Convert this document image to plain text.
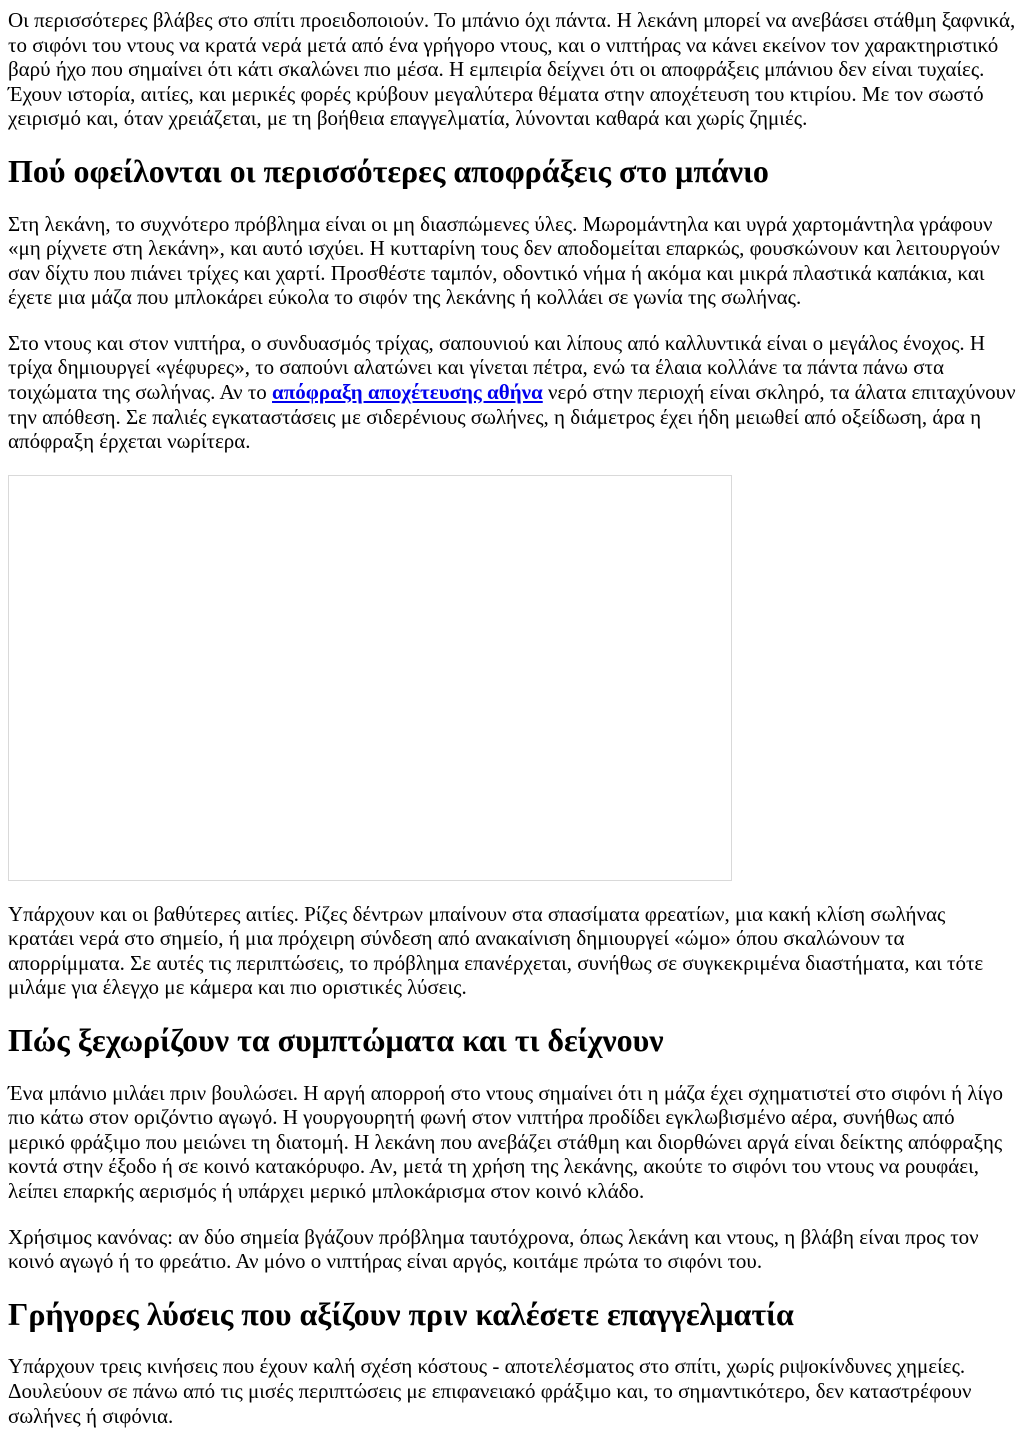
Οι περισσότερες βλάβες στο σπίτι προειδοποιούν. Το μπάνιο όχι πάντα. Η λεκάνη μπορεί να ανεβάσει στάθμη ξαφνικά, το σιφόνι του ντους να κρατά νερά μετά από ένα γρήγορο ντους, και ο νιπτήρας να κάνει εκείνον τον χαρακτηριστικό βαρύ ήχο που σημαίνει ότι κάτι σκαλώνει πιο μέσα. Η εμπειρία δείχνει ότι οι αποφράξεις μπάνιου δεν είναι τυχαίες. Έχουν ιστορία, αιτίες, και μερικές φορές κρύβουν μεγαλύτερα θέματα στην αποχέτευση του κτιρίου. Με τον σωστό χειρισμό και, όταν χρειάζεται, με τη βοήθεια επαγγελματία, λύνονται καθαρά και χωρίς ζημιές.

Πού οφείλονται οι περισσότερες αποφράξεις στο μπάνιο

Στη λεκάνη, το συχνότερο πρόβλημα είναι οι μη διασπώμενες ύλες. Μωρομάντηλα και υγρά χαρτομάντηλα γράφουν «μη ρίχνετε στη λεκάνη», και αυτό ισχύει. Η κυτταρίνη τους δεν αποδομείται επαρκώς, φουσκώνουν και λειτουργούν σαν δίχτυ που πιάνει τρίχες και χαρτί. Προσθέστε ταμπόν, οδοντικό νήμα ή ακόμα και μικρά πλαστικά καπάκια, και έχετε μια μάζα που μπλοκάρει εύκολα το σιφόν της λεκάνης ή κολλάει σε γωνία της σωλήνας.

Στο ντους και στον νιπτήρα, ο συνδυασμός τρίχας, σαπουνιού και λίπους από καλλυντικά είναι ο μεγάλος ένοχος. Η τρίχα δημιουργεί «γέφυρες», το σαπούνι αλατώνει και γίνεται πέτρα, ενώ τα έλαια κολλάνε τα πάντα πάνω στα τοιχώματα της σωλήνας. Αν το απόφραξη αποχέτευσης αθήνα νερό στην περιοχή είναι σκληρό, τα άλατα επιταχύνουν την απόθεση. Σε παλιές εγκαταστάσεις με σιδερένιους σωλήνες, η διάμετρος έχει ήδη μειωθεί από οξείδωση, άρα η απόφραξη έρχεται νωρίτερα.

Υπάρχουν και οι βαθύτερες αιτίες. Ρίζες δέντρων μπαίνουν στα σπασίματα φρεατίων, μια κακή κλίση σωλήνας κρατάει νερά στο σημείο, ή μια πρόχειρη σύνδεση από ανακαίνιση δημιουργεί «ώμο» όπου σκαλώνουν τα απορρίμματα. Σε αυτές τις περιπτώσεις, το πρόβλημα επανέρχεται, συνήθως σε συγκεκριμένα διαστήματα, και τότε μιλάμε για έλεγχο με κάμερα και πιο οριστικές λύσεις.

Πώς ξεχωρίζουν τα συμπτώματα και τι δείχνουν

Ένα μπάνιο μιλάει πριν βουλώσει. Η αργή απορροή στο ντους σημαίνει ότι η μάζα έχει σχηματιστεί στο σιφόνι ή λίγο πιο κάτω στον οριζόντιο αγωγό. Η γουργουρητή φωνή στον νιπτήρα προδίδει εγκλωβισμένο αέρα, συνήθως από μερικό φράξιμο που μειώνει τη διατομή. Η λεκάνη που ανεβάζει στάθμη και διορθώνει αργά είναι δείκτης απόφραξης κοντά στην έξοδο ή σε κοινό κατακόρυφο. Αν, μετά τη χρήση της λεκάνης, ακούτε το σιφόνι του ντους να ρουφάει, λείπει επαρκής αερισμός ή υπάρχει μερικό μπλοκάρισμα στον κοινό κλάδο.

Χρήσιμος κανόνας: αν δύο σημεία βγάζουν πρόβλημα ταυτόχρονα, όπως λεκάνη και ντους, η βλάβη είναι προς τον κοινό αγωγό ή το φρεάτιο. Αν μόνο ο νιπτήρας είναι αργός, κοιτάμε πρώτα το σιφόνι του.

Γρήγορες λύσεις που αξίζουν πριν καλέσετε επαγγελματία

Υπάρχουν τρεις κινήσεις που έχουν καλή σχέση κόστους - αποτελέσματος στο σπίτι, χωρίς ριψοκίνδυνες χημείες. Δουλεύουν σε πάνω από τις μισές περιπτώσεις με επιφανειακό φράξιμο και, το σημαντικότερο, δεν καταστρέφουν σωλήνες ή σιφόνια.
